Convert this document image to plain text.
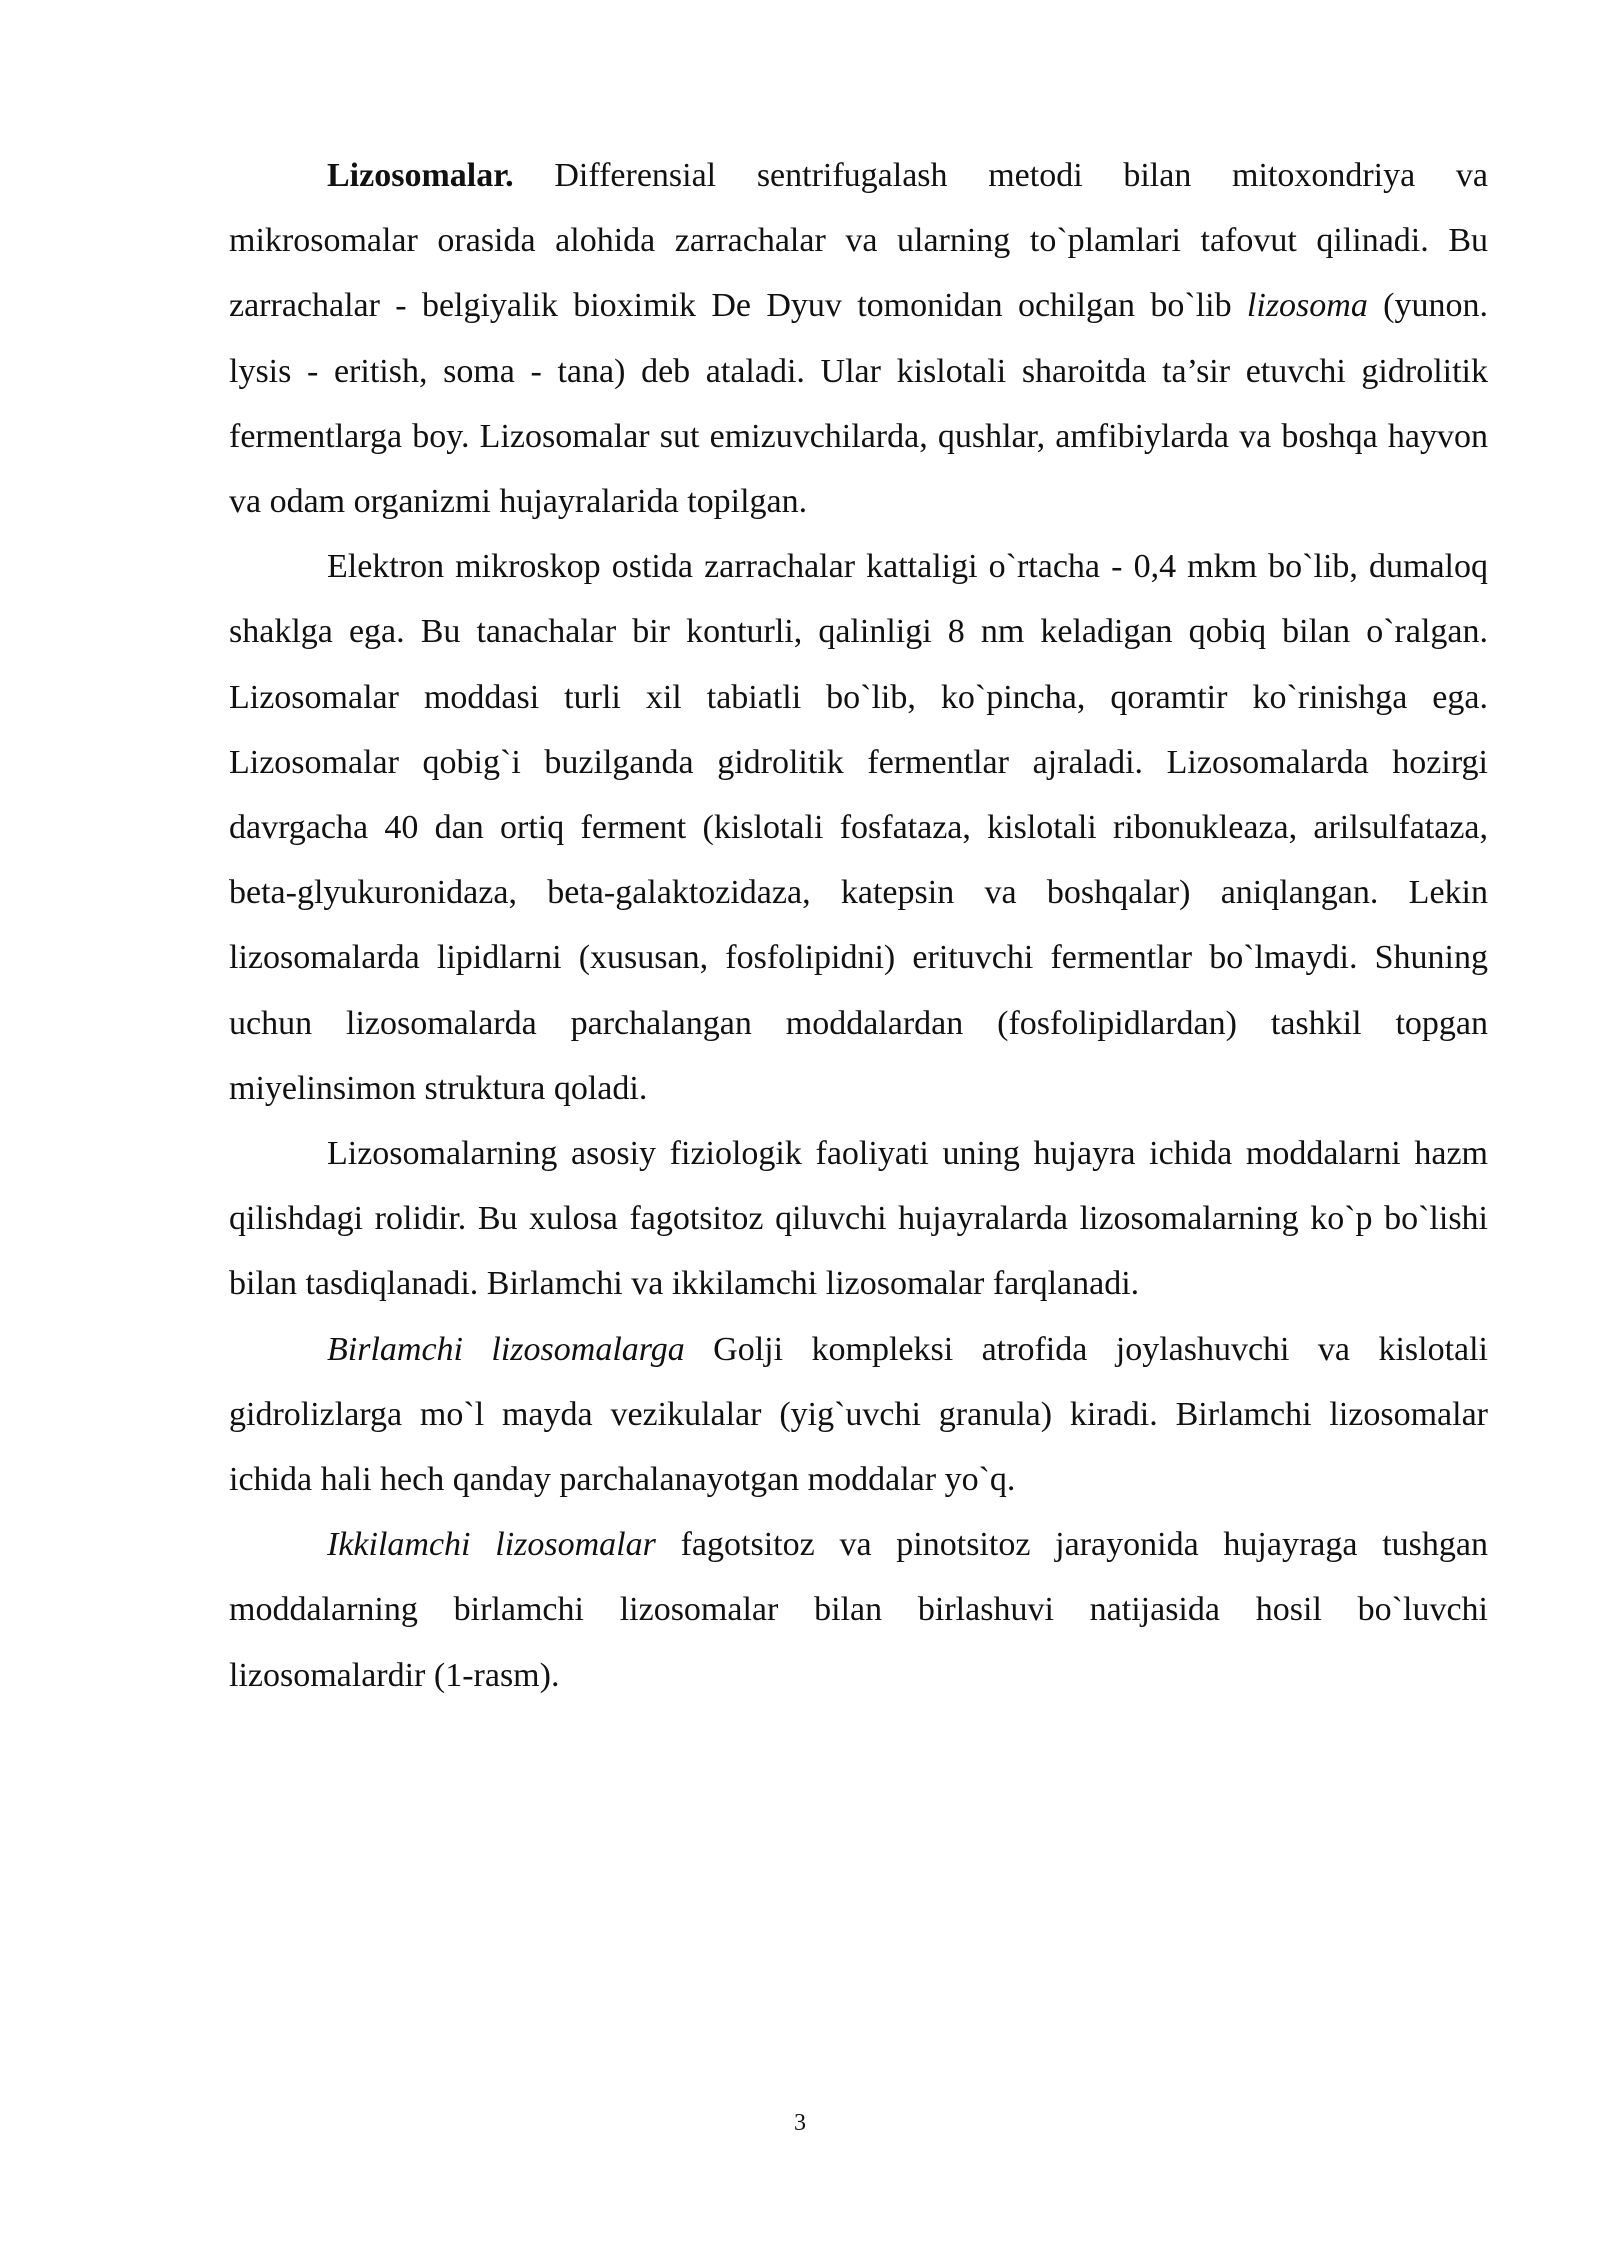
Lizosomalar. Differensial sentrifugalash metodi bilan mitoxondriya va mikrosomalar orasida alohida zarrachalar va ularning to`plamlari tafovut qilinadi. Bu zarrachalar - belgiyalik bioximik De Dyuv tomonidan ochilgan bo`lib lizosoma (yunon. lysis - eritish, soma - tana) deb ataladi. Ular kislotali sharoitda ta’sir etuvchi gidrolitik fermentlarga boy. Lizosomalar sut emizuvchilarda, qushlar, amfibiylarda va boshqa hayvon va odam organizmi hujayralarida topilgan.

Elektron mikroskop ostida zarrachalar kattaligi o`rtacha - 0,4 mkm bo`lib, dumaloq shaklga ega. Bu tanachalar bir konturli, qalinligi 8 nm keladigan qobiq bilan o`ralgan. Lizosomalar moddasi turli xil tabiatli bo`lib, ko`pincha, qoramtir ko`rinishga ega. Lizosomalar qobig`i buzilganda gidrolitik fermentlar ajraladi. Lizosomalarda hozirgi davrgacha 40 dan ortiq ferment (kislotali fosfataza, kislotali ribonukleaza, arilsulfataza, beta-glyukuronidaza, beta-galaktozidaza, katepsin va boshqalar) aniqlangan. Lekin lizosomalarda lipidlarni (xususan, fosfolipidni) erituvchi fermentlar bo`lmaydi. Shuning uchun lizosomalarda parchalangan moddalardan (fosfolipidlardan) tashkil topgan miyelinsimon struktura qoladi.

Lizosomalarning asosiy fiziologik faoliyati uning hujayra ichida moddalarni hazm qilishdagi rolidir. Bu xulosa fagotsitoz qiluvchi hujayralarda lizosomalarning ko`p bo`lishi bilan tasdiqlanadi. Birlamchi va ikkilamchi lizosomalar farqlanadi.

Birlamchi lizosomalarga Golji kompleksi atrofida joylashuvchi va kislotali gidrolizlarga mo`l mayda vezikulalar (yig`uvchi granula) kiradi. Birlamchi lizosomalar ichida hali hech qanday parchalanayotgan moddalar yo`q.

Ikkilamchi lizosomalar fagotsitoz va pinotsitoz jarayonida hujayraga tushgan moddalarning birlamchi lizosomalar bilan birlashuvi natijasida hosil bo`luvchi lizosomalardir (1-rasm).

3
